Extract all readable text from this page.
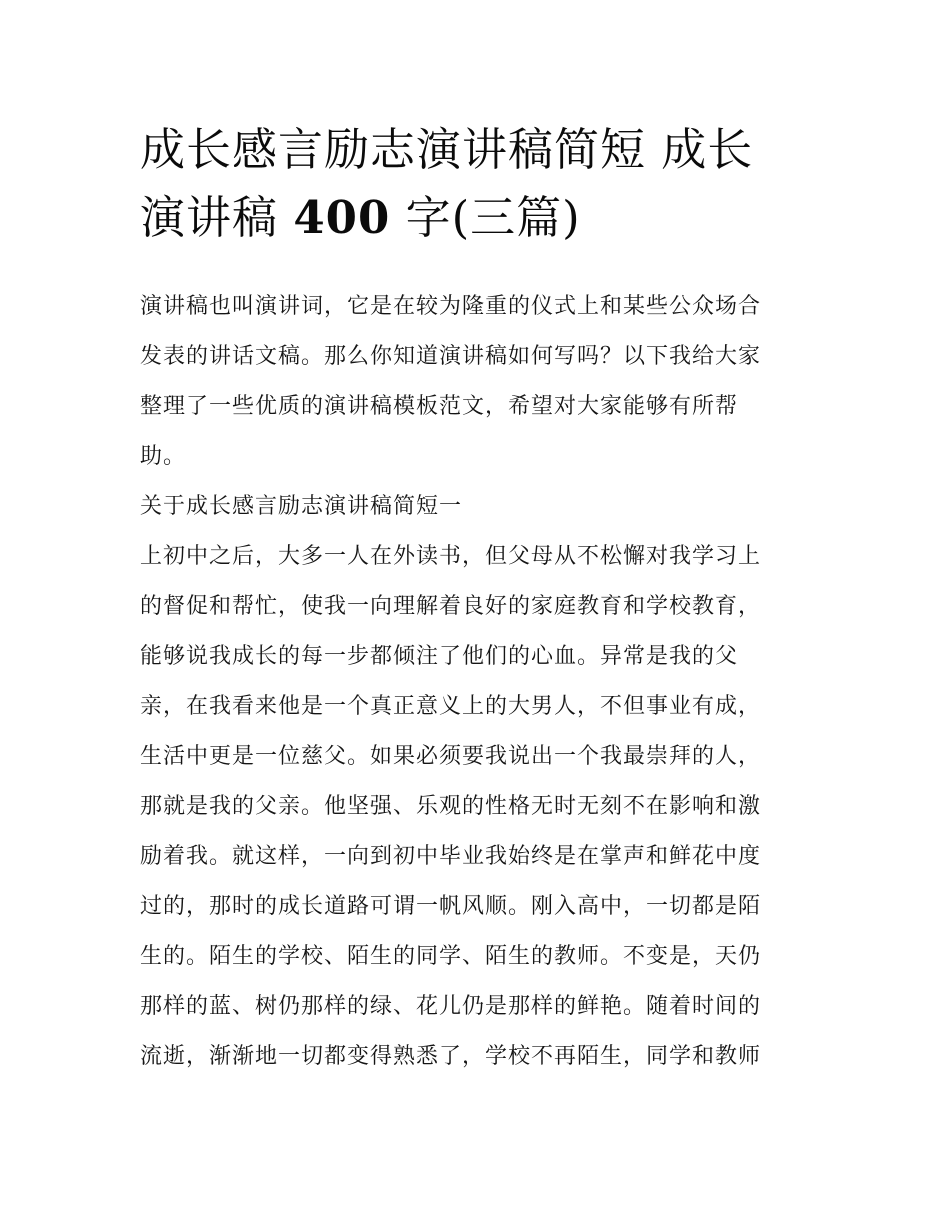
成长感言励志演讲稿简短 成长
演讲稿 400 字(三篇)

演讲稿也叫演讲词，它是在较为隆重的仪式上和某些公众场合
发表的讲话文稿。那么你知道演讲稿如何写吗？以下我给大家
整理了一些优质的演讲稿模板范文，希望对大家能够有所帮
助。

关于成长感言励志演讲稿简短一

上初中之后，大多一人在外读书，但父母从不松懈对我学习上
的督促和帮忙，使我一向理解着良好的家庭教育和学校教育，
能够说我成长的每一步都倾注了他们的心血。异常是我的父
亲，在我看来他是一个真正意义上的大男人，不但事业有成，
生活中更是一位慈父。如果必须要我说出一个我最崇拜的人，
那就是我的父亲。他坚强、乐观的性格无时无刻不在影响和激
励着我。就这样，一向到初中毕业我始终是在掌声和鲜花中度
过的，那时的成长道路可谓一帆风顺。刚入高中，一切都是陌
生的。陌生的学校、陌生的同学、陌生的教师。不变是，天仍
那样的蓝、树仍那样的绿、花儿仍是那样的鲜艳。随着时间的
流逝，渐渐地一切都变得熟悉了，学校不再陌生，同学和教师
